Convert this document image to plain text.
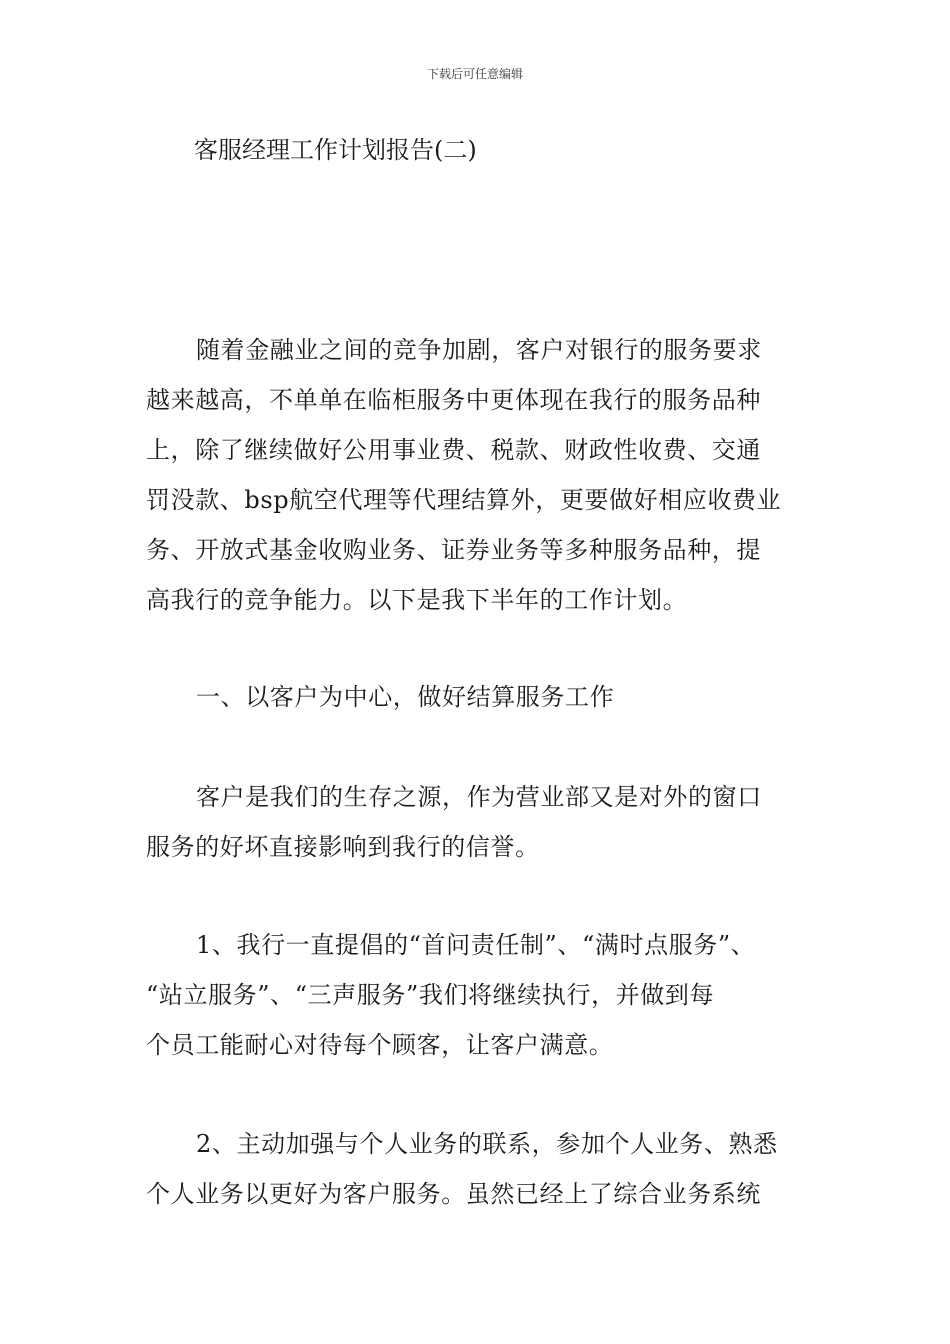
下载后可任意编辑
客服经理工作计划报告(二)
随着金融业之间的竞争加剧，客户对银行的服务要求
越来越高，不单单在临柜服务中更体现在我行的服务品种
上，除了继续做好公用事业费、税款、财政性收费、交通
罚没款、bsp航空代理等代理结算外，更要做好相应收费业
务、开放式基金收购业务、证券业务等多种服务品种，提
高我行的竞争能力。以下是我下半年的工作计划。
一、以客户为中心，做好结算服务工作
客户是我们的生存之源，作为营业部又是对外的窗口
服务的好坏直接影响到我行的信誉。
1、我行一直提倡的“首问责任制”、“满时点服务”、
“站立服务”、“三声服务”我们将继续执行，并做到每
个员工能耐心对待每个顾客，让客户满意。
2、主动加强与个人业务的联系，参加个人业务、熟悉
个人业务以更好为客户服务。虽然已经上了综合业务系统
